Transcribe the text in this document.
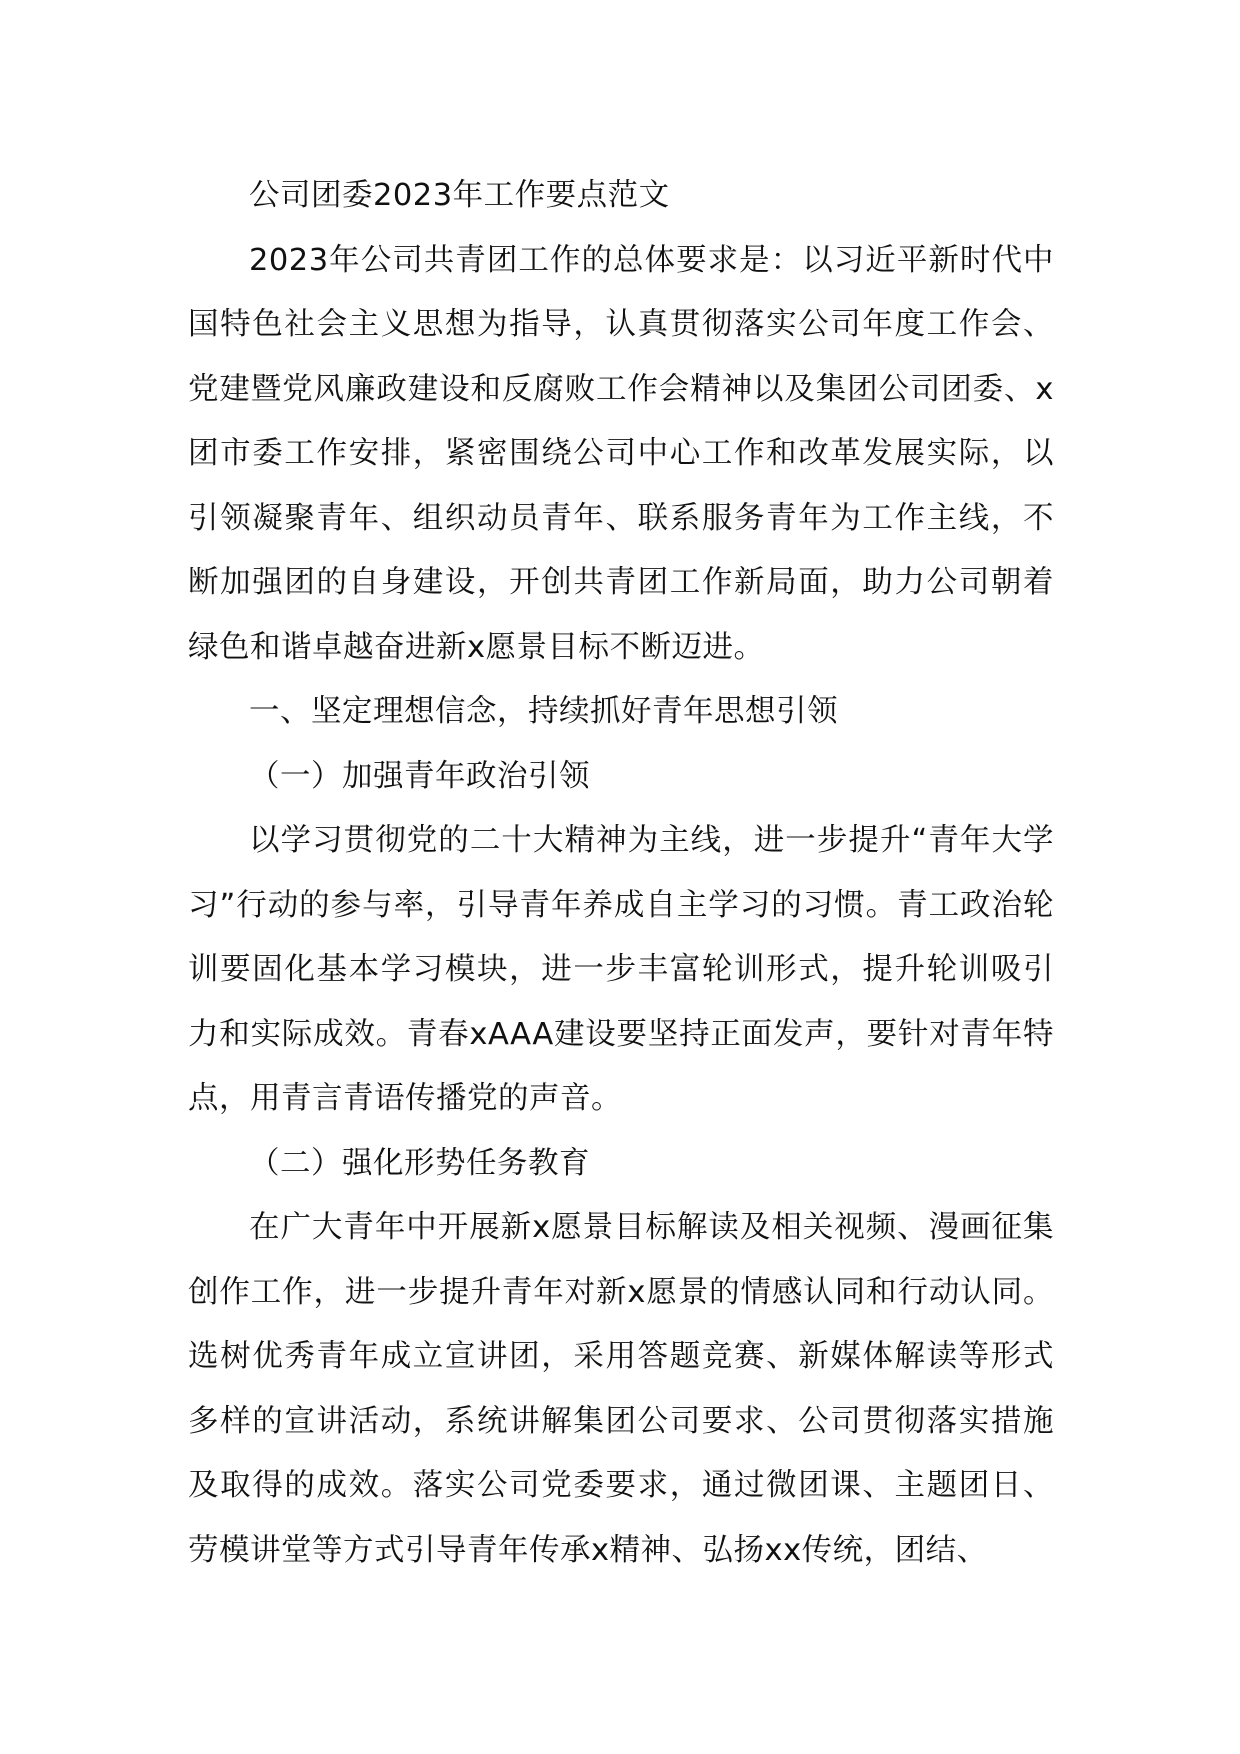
公司团委2023年工作要点范文

2023年公司共青团工作的总体要求是：以习近平新时代中国特色社会主义思想为指导，认真贯彻落实公司年度工作会、党建暨党风廉政建设和反腐败工作会精神以及集团公司团委、x团市委工作安排，紧密围绕公司中心工作和改革发展实际，以引领凝聚青年、组织动员青年、联系服务青年为工作主线，不断加强团的自身建设，开创共青团工作新局面，助力公司朝着绿色和谐卓越奋进新x愿景目标不断迈进。

一、坚定理想信念，持续抓好青年思想引领

（一）加强青年政治引领

以学习贯彻党的二十大精神为主线，进一步提升“青年大学习”行动的参与率，引导青年养成自主学习的习惯。青工政治轮训要固化基本学习模块，进一步丰富轮训形式，提升轮训吸引力和实际成效。青春xAAA建设要坚持正面发声，要针对青年特点，用青言青语传播党的声音。

（二）强化形势任务教育

在广大青年中开展新x愿景目标解读及相关视频、漫画征集创作工作，进一步提升青年对新x愿景的情感认同和行动认同。选树优秀青年成立宣讲团，采用答题竞赛、新媒体解读等形式多样的宣讲活动，系统讲解集团公司要求、公司贯彻落实措施及取得的成效。落实公司党委要求，通过微团课、主题团日、劳模讲堂等方式引导青年传承x精神、弘扬xx传统，团结、
